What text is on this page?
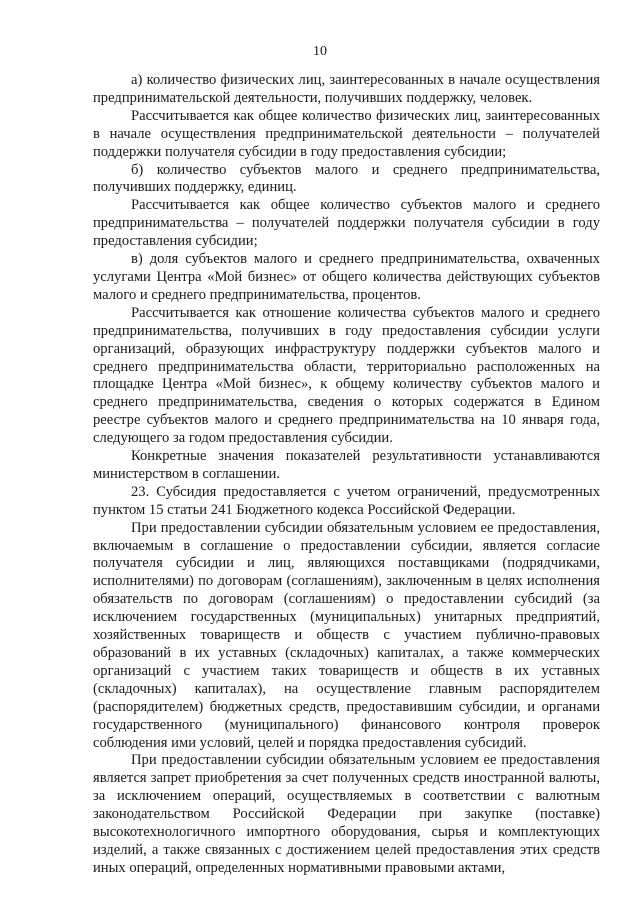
10

а) количество физических лиц, заинтересованных в начале осуществления предпринимательской деятельности, получивших поддержку, человек.

Рассчитывается как общее количество физических лиц, заинтересованных в начале осуществления предпринимательской деятельности – получателей поддержки получателя субсидии в году предоставления субсидии;

б) количество субъектов малого и среднего предпринимательства, получивших поддержку, единиц.

Рассчитывается как общее количество субъектов малого и среднего предпринимательства – получателей поддержки получателя субсидии в году предоставления субсидии;

в) доля субъектов малого и среднего предпринимательства, охваченных услугами Центра «Мой бизнес» от общего количества действующих субъектов малого и среднего предпринимательства, процентов.

Рассчитывается как отношение количества субъектов малого и среднего предпринимательства, получивших в году предоставления субсидии услуги организаций, образующих инфраструктуру поддержки субъектов малого и среднего предпринимательства области, территориально расположенных на площадке Центра «Мой бизнес», к общему количеству субъектов малого и среднего предпринимательства, сведения о которых содержатся в Едином реестре субъектов малого и среднего предпринимательства на 10 января года, следующего за годом предоставления субсидии.

Конкретные значения показателей результативности устанавливаются министерством в соглашении.

23. Субсидия предоставляется с учетом ограничений, предусмотренных пунктом 15 статьи 241 Бюджетного кодекса Российской Федерации.

При предоставлении субсидии обязательным условием ее предоставления, включаемым в соглашение о предоставлении субсидии, является согласие получателя субсидии и лиц, являющихся поставщиками (подрядчиками, исполнителями) по договорам (соглашениям), заключенным в целях исполнения обязательств по договорам (соглашениям) о предоставлении субсидий (за исключением государственных (муниципальных) унитарных предприятий, хозяйственных товариществ и обществ с участием публично-правовых образований в их уставных (складочных) капиталах, а также коммерческих организаций с участием таких товариществ и обществ в их уставных (складочных) капиталах), на осуществление главным распорядителем (распорядителем) бюджетных средств, предоставившим субсидии, и органами государственного (муниципального) финансового контроля проверок соблюдения ими условий, целей и порядка предоставления субсидий.

При предоставлении субсидии обязательным условием ее предоставления является запрет приобретения за счет полученных средств иностранной валюты, за исключением операций, осуществляемых в соответствии с валютным законодательством Российской Федерации при закупке (поставке) высокотехнологичного импортного оборудования, сырья и комплектующих изделий, а также связанных с достижением целей предоставления этих средств иных операций, определенных нормативными правовыми актами,
